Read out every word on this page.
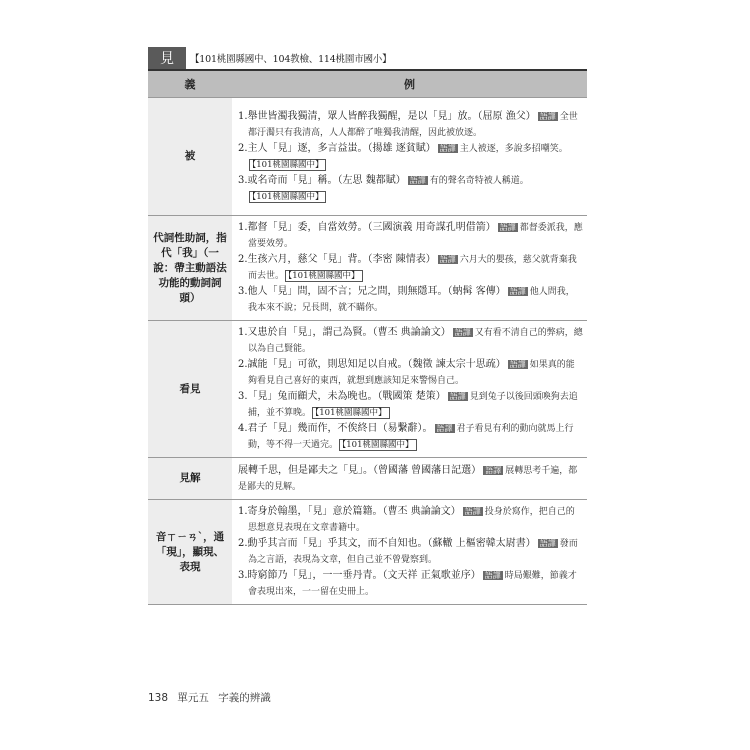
見	【101桃園縣國中、104教檢、114桃園市國小】
義	例
被	1.舉世皆濁我獨清，眾人皆醉我獨醒，是以「見」放。（屈原 漁父） 語譯 全世都汙濁只有我清高，人人都醉了唯獨我清醒，因此被放逐。

2.主人「見」逐，多言益蚩。（揚雄 逐貧賦） 語譯 主人被逐，多說多招嘲笑。【101桃園縣國中】

3.或名奇而「見」稱。（左思 魏都賦） 語譯 有的聲名奇特被人稱道。【101桃園縣國中】

代詞性助詞，指代「我」（一說：帶主動語法功能的動詞詞頭）	1.都督「見」委，自當效勞。（三國演義 用奇謀孔明借箭） 語譯 都督委派我，應當要效勞。

2.生孩六月，慈父「見」背。（李密 陳情表） 語譯 六月大的嬰孩，慈父就背棄我而去世。 【101桃園縣國中】

3.他人「見」問，固不言；兄之問，則無隱耳。（蚋髯 客傳） 語譯 他人問我，我本來不說；兄長問，就不瞞你。

看見	1.又患於自「見」，謂己為賢。（曹丕 典論論文） 語譯 又有看不清自己的弊病，總以為自己賢能。

2.誠能「見」可欲，則思知足以自戒。（魏徵 諫太宗十思疏） 語譯 如果真的能夠看見自己喜好的東西，就想到應該知足來警惕自己。

3.「見」兔而顧犬，未為晚也。（戰國策 楚策） 語譯 見到兔子以後回頭喚狗去追捕，並不算晚。 【101桃園縣國中】

4.君子「見」幾而作，不俟終日（易繫辭）。 語譯 君子看見有利的動向就馬上行動，等不得一天過完。 【101桃園縣國中】

見解	展轉千思，但是鄙夫之「見」。（曾國藩 曾國藩日記選） 語譯 展轉思考千遍，都是鄙夫的見解。

音ㄒㄧㄢˋ，通「現」，顯現、表現	1.寄身於翰墨，「見」意於篇籍。（曹丕 典論論文） 語譯 投身於寫作，把自己的思想意見表現在文章書籍中。

2.動乎其言而「見」乎其文，而不自知也。（蘇轍 上樞密韓太尉書） 語譯 發而為之言語，表現為文章，但自己並不曾覺察到。

3.時窮節乃「見」，一一垂丹青。（文天祥 正氣歌並序） 語譯 時局艱難，節義才會表現出來，一一留在史冊上。

138 單元五 字義的辨識
